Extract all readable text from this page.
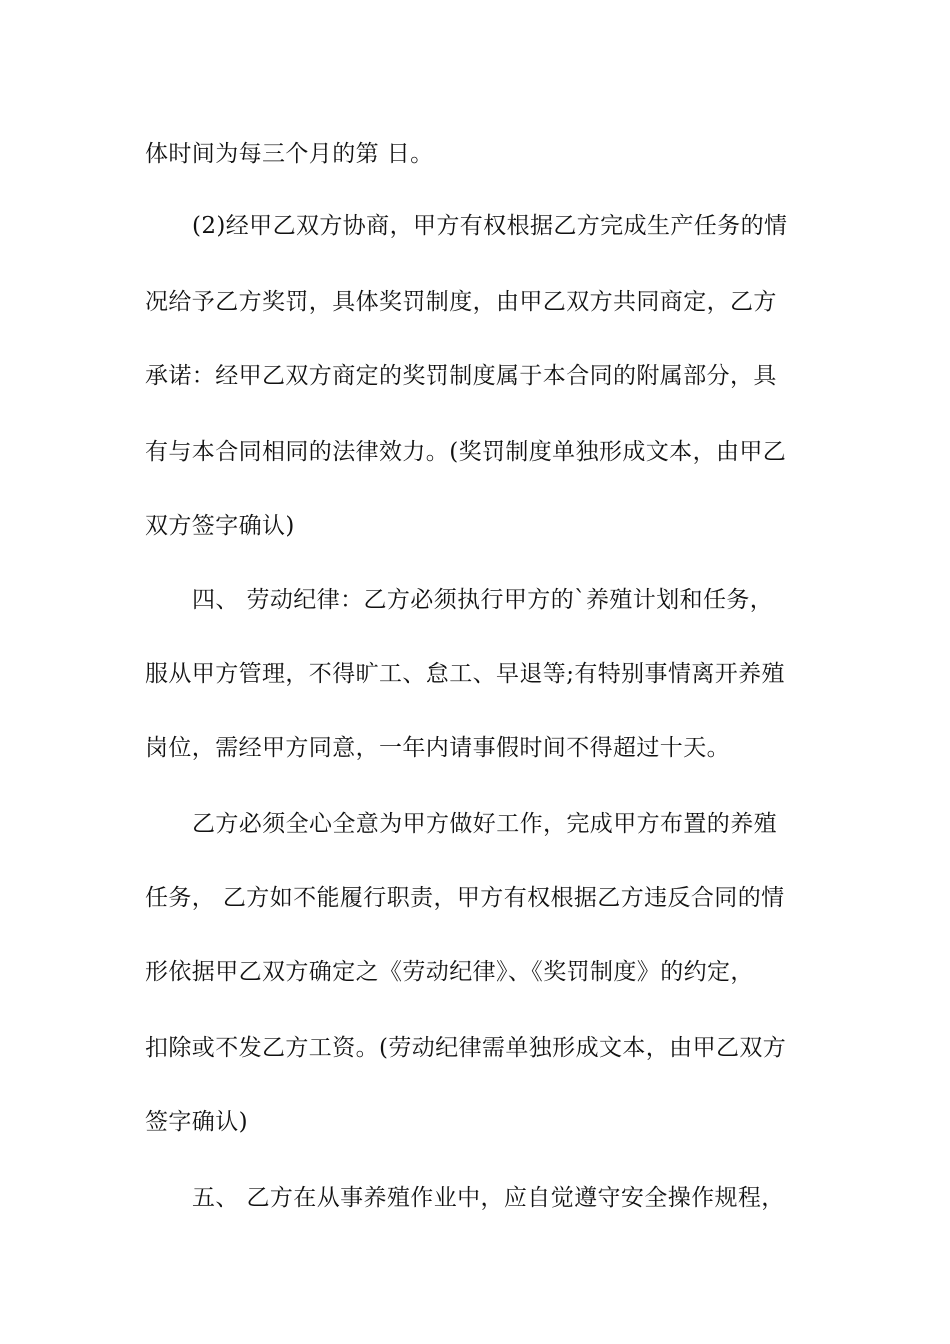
体时间为每三个月的第 日。
(2)经甲乙双方协商，甲方有权根据乙方完成生产任务的情
况给予乙方奖罚，具体奖罚制度，由甲乙双方共同商定，乙方
承诺：经甲乙双方商定的奖罚制度属于本合同的附属部分，具
有与本合同相同的法律效力。(奖罚制度单独形成文本，由甲乙
双方签字确认)
四、 劳动纪律：乙方必须执行甲方的`养殖计划和任务，
服从甲方管理，不得旷工、怠工、早退等;有特别事情离开养殖
岗位，需经甲方同意，一年内请事假时间不得超过十天。
乙方必须全心全意为甲方做好工作，完成甲方布置的养殖
任务， 乙方如不能履行职责，甲方有权根据乙方违反合同的情
形依据甲乙双方确定之《劳动纪律》、《奖罚制度》的约定，
扣除或不发乙方工资。(劳动纪律需单独形成文本，由甲乙双方
签字确认)
五、 乙方在从事养殖作业中，应自觉遵守安全操作规程，
